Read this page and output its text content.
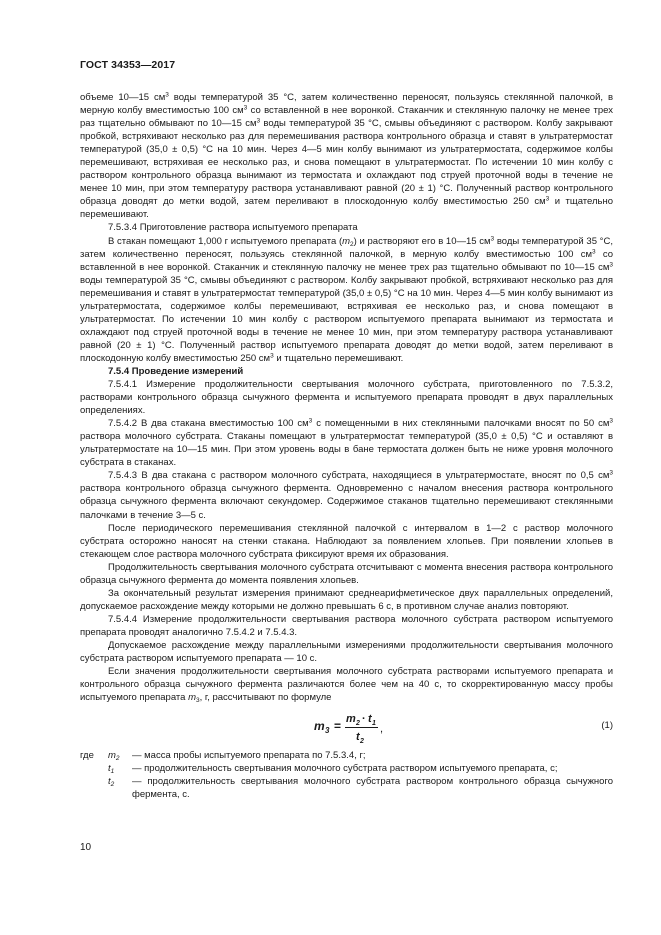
ГОСТ 34353—2017

объеме 10—15 $см^3$ воды температурой 35 °С, затем количественно переносят, пользуясь стеклянной палочкой, в мерную колбу вместимостью 100 $см^3$ со вставленной в нее воронкой. Стаканчик и стеклянную палочку не менее трех раз тщательно обмывают по 10—15 $см^3$ воды температурой 35 °С, смывы объединяют с раствором. Колбу закрывают пробкой, встряхивают несколько раз для перемешивания раствора контрольного образца и ставят в ультратермостат температурой (35,0 ± 0,5) °С на 10 мин. Через 4—5 мин колбу вынимают из ультратермостата, содержимое колбы перемешивают, встряхивая ее несколько раз, и снова помещают в ультратермостат. По истечении 10 мин колбу с раствором контрольного образца вынимают из термостата и охлаждают под струей проточной воды в течение не менее 10 мин, при этом температуру раствора устанавливают равной (20 ± 1) °С. Полученный раствор контрольного образца доводят до метки водой, затем переливают в плоскодонную колбу вместимостью 250 $см^3$ и тщательно перемешивают.

7.5.3.4 Приготовление раствора испытуемого препарата

В стакан помещают 1,000 г испытуемого препарата $(m_2)$ и растворяют его в 10—15 $см^3$ воды температурой 35 °С, затем количественно переносят, пользуясь стеклянной палочкой, в мерную колбу вместимостью 100 $см^3$ со вставленной в нее воронкой. Стаканчик и стеклянную палочку не менее трех раз тщательно обмывают по 10—15 $см^3$ воды температурой 35 °С, смывы объединяют с раствором. Колбу закрывают пробкой, встряхивают несколько раз для перемешивания и ставят в ультратермостат температурой (35,0 ± 0,5) °С на 10 мин. Через 4—5 мин колбу вынимают из ультратермостата, содержимое колбы перемешивают, встряхивая ее несколько раз, и снова помещают в ультратермостат. По истечении 10 мин колбу с раствором испытуемого препарата вынимают из термостата и охлаждают под струей проточной воды в течение не менее 10 мин, при этом температуру раствора устанавливают равной (20 ± 1) °С. Полученный раствор испытуемого препарата доводят до метки водой, затем переливают в плоскодонную колбу вместимостью 250 $см^3$ и тщательно перемешивают.

7.5.4 Проведение измерений

7.5.4.1 Измерение продолжительности свертывания молочного субстрата, приготовленного по 7.5.3.2, растворами контрольного образца сычужного фермента и испытуемого препарата проводят в двух параллельных определениях.

7.5.4.2 В два стакана вместимостью 100 $см^3$ с помещенными в них стеклянными палочками вносят по 50 $см^3$ раствора молочного субстрата. Стаканы помещают в ультратермостат температурой (35,0 ± 0,5) °С и оставляют в ультратермостате на 10—15 мин. При этом уровень воды в бане термостата должен быть не ниже уровня молочного субстрата в стаканах.

7.5.4.3 В два стакана с раствором молочного субстрата, находящиеся в ультратермостате, вносят по 0,5 $см^3$ раствора контрольного образца сычужного фермента. Одновременно с началом внесения раствора контрольного образца сычужного фермента включают секундомер. Содержимое стаканов тщательно перемешивают стеклянными палочками в течение 3—5 с.

После периодического перемешивания стеклянной палочкой с интервалом в 1—2 с раствор молочного субстрата осторожно наносят на стенки стакана. Наблюдают за появлением хлопьев. При появлении хлопьев в стекающем слое раствора молочного субстрата фиксируют время их образования.

Продолжительность свертывания молочного субстрата отсчитывают с момента внесения раствора контрольного образца сычужного фермента до момента появления хлопьев.

За окончательный результат измерения принимают среднеарифметическое двух параллельных определений, допускаемое расхождение между которыми не должно превышать 6 с, в противном случае анализ повторяют.

7.5.4.4 Измерение продолжительности свертывания раствора молочного субстрата раствором испытуемого препарата проводят аналогично 7.5.4.2 и 7.5.4.3.

Допускаемое расхождение между параллельными измерениями продолжительности свертывания молочного субстрата раствором испытуемого препарата — 10 с.

Если значения продолжительности свертывания молочного субстрата растворами испытуемого препарата и контрольного образца сычужного фермента различаются более чем на 40 с, то скорректированную массу пробы испытуемого препарата $m_3$, г, рассчитывают по формуле

m 3 = m 2 · t 1
t 2
,	(1)
где	$m_2$	— масса пробы испытуемого препарата по 7.5.3.4, г;
$t_1$	— продолжительность свертывания молочного субстрата раствором испытуемого препарата, с;
$t_2$	— продолжительность свертывания молочного субстрата раствором контрольного образца сычужного фермента, с.
10
